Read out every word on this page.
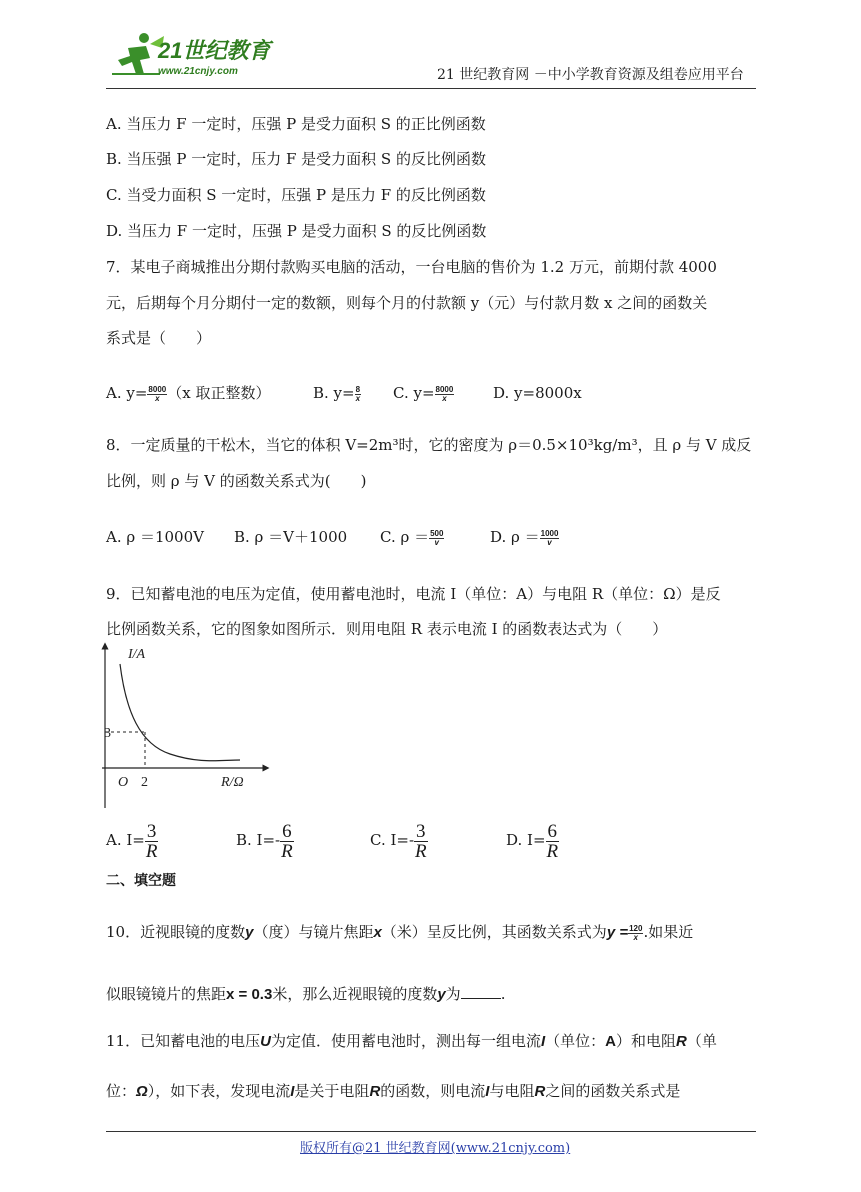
21世纪教育
www.21cnjy.com	21 世纪教育网 －中小学教育资源及组卷应用平台
A. 当压力 F 一定时，压强 P 是受力面积 S 的正比例函数
B. 当压强 P 一定时，压力 F 是受力面积 S 的反比例函数
C. 当受力面积 S 一定时，压强 P 是压力 F 的反比例函数
D. 当压力 F 一定时，压强 P 是受力面积 S 的反比例函数
7．某电子商城推出分期付款购买电脑的活动，一台电脑的售价为 1.2 万元，前期付款 4000
元，后期每个月分期付一定的数额，则每个月的付款额 y（元）与付款月数 x 之间的函数关
系式是（　　）
A. $y= \frac{8000}{x} (x$ 取正整数）	B. $y= \frac{8}{x} C$. $y= \frac{8000}{x}$	D. y=8000x
8．一定质量的干松木，当它的体积 V=2m³时，它的密度为 ρ＝0.5×10³kg/m³，且 ρ 与 V 成反
比例，则 ρ 与 V 的函数关系式为(　　)
A. ρ ＝1000V B. ρ ＝V＋1000 C. $\rho = \frac{500}{v}$	D. $\rho = \frac{1000}{v}$
9．已知蓄电池的电压为定值，使用蓄电池时，电流 I（单位：A）与电阻 R（单位：Ω）是反
比例函数关系，它的图象如图所示．则用电阻 R 表示电流 I 的函数表达式为（　　）
I/A
R/Ω
O 2
3
A. $I= \frac{3}{R}$	B. $I=- \frac{6}{R}$	C. $I=- \frac{3}{R}$	D. $I= \frac{6}{R}$
二、填空题
10．近视眼镜的度数y（度）与镜片焦距x（米）呈反比例，其函数关系式为$y = \frac{120}{x}$ .如果近
似眼镜镜片的焦距x = 0.3米，那么近视眼镜的度数y为	.
11．已知蓄电池的电压U为定值．使用蓄电池时，测出每一组电流I（单位：A）和电阻R（单
位：Ω），如下表，发现电流I是关于电阻R的函数，则电流I与电阻R之间的函数关系式是
版权所有@21 世纪教育网(www.21cnjy.com)
